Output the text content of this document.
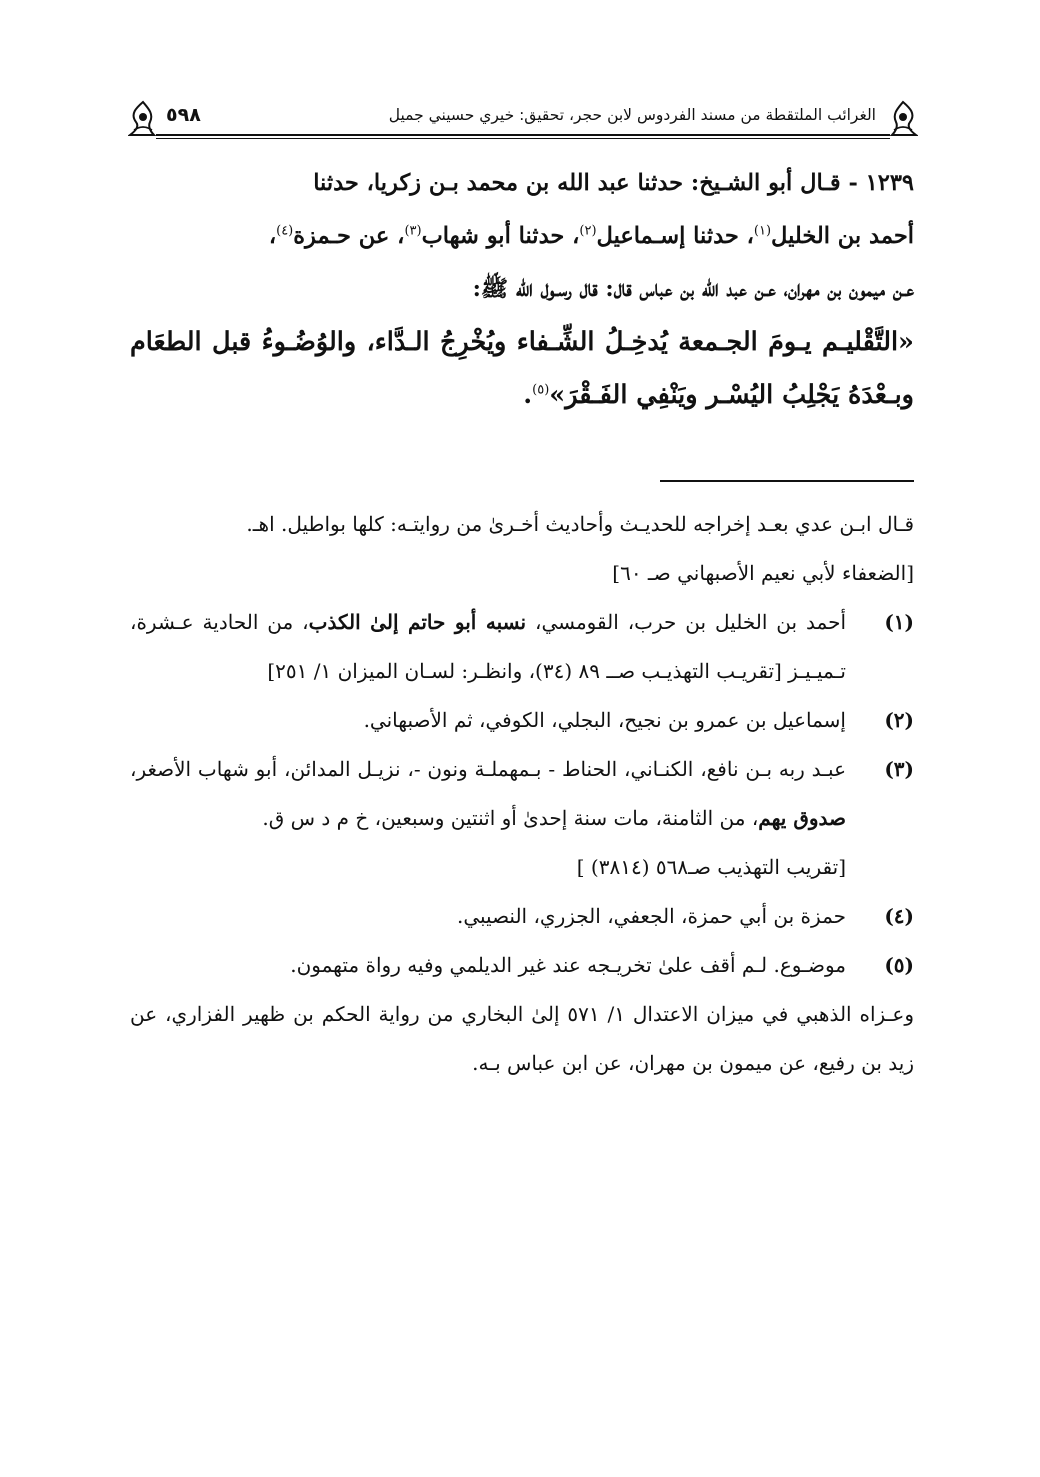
الغرائب الملتقطة من مسند الفردوس لابن حجر، تحقيق: خيري حسيني جميل
٥٩٨

١٢٣٩ - قـال أبو الشـيخ: حدثنا عبد الله بن محمد بـن زكريا، حدثنا

أحمد بن الخليل$^{(١)}$، حدثنا إسـماعيل$^{(٢)}$، حدثنا أبو شهاب$^{(٣)}$، عن حـمزة$^{(٤)}$،

عـن ميمون بن مهران، عـن عبد الله بن عباس قال: قال رسـول الله ﷺ:

«التَّقْليـم يـومَ الجـمعة يُدخِـلُ الشِّـفاء ويُخْرِجُ الـدَّاء، والوُضُـوءُ قبل الطعَام وبـعْدَهُ يَجْلِبُ اليُسْـر ويَنْفِي الفَـقْرَ»$^{(٥)}$.

قـال ابـن عدي بعـد إخراجه للحديـث وأحاديث أخـرىٰ من روايتـه: كلها بواطيل. اهـ.

[الضعفاء لأبي نعيم الأصبهاني صـ ٦٠]

(١)

أحمد بن الخليل بن حرب، القومسي، نسبه أبو حاتم إلىٰ الكذب، من الحادية عـشرة، تـميـيـز [تقريـب التهذيـب صــ ٨٩ (٣٤)، وانظـر: لسـان الميزان ١/ ٢٥١]

(٢)

إسماعيل بن عمرو بن نجيح، البجلي، الكوفي، ثم الأصبهاني.

(٣)

عبـد ربه بـن نافع، الكنـاني، الحناط - بـمهملـة ونون -، نزيـل المدائن، أبو شهاب الأصغر، صدوق يهم، من الثامنة، مات سنة إحدىٰ أو اثنتين وسبعين، خ م د س ق.

[تقريب التهذيب صـ٥٦٨ (٣٨١٤) ]

(٤)

حمزة بن أبي حمزة، الجعفي، الجزري، النصيبي.

(٥)

موضـوع. لـم أقف علىٰ تخريـجه عند غير الديلمي وفيه رواة متهمون.

وعـزاه الذهبي في ميزان الاعتدال ١/ ٥٧١ إلىٰ البخاري من رواية الحكم بن ظهير الفزاري، عن زيد بن رفيع، عن ميمون بن مهران، عن ابن عباس بـه.
